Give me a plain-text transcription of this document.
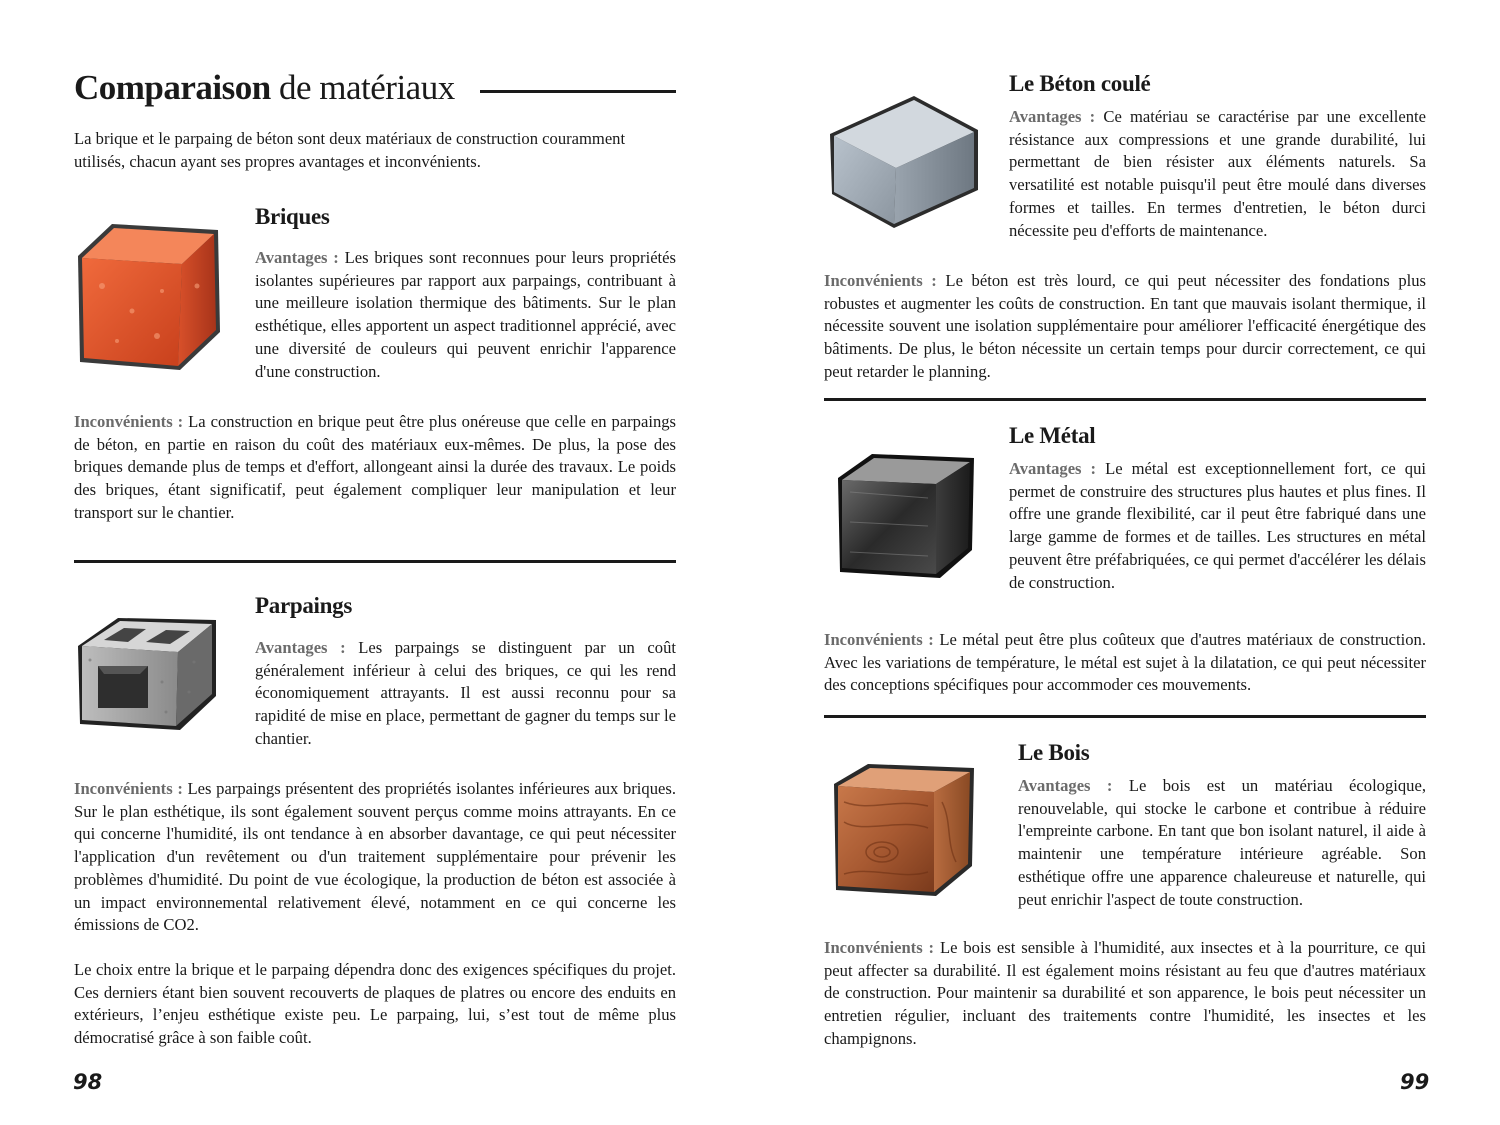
Comparaison de matériaux

La brique et le parpaing de béton sont deux matériaux de construction couramment utilisés, chacun ayant ses propres avantages et inconvénients.

Briques

Avantages : Les briques sont reconnues pour leurs propriétés isolantes supérieures par rapport aux parpaings, contribuant à une meilleure isolation thermique des bâtiments. Sur le plan esthétique, elles apportent un aspect traditionnel apprécié, avec une diversité de couleurs qui peuvent enrichir l'apparence d'une construction.

Inconvénients : La construction en brique peut être plus onéreuse que celle en parpaings de béton, en partie en raison du coût des matériaux eux-mêmes. De plus, la pose des briques demande plus de temps et d'effort, allongeant ainsi la durée des travaux. Le poids des briques, étant significatif, peut également compliquer leur manipulation et leur transport sur le chantier.

Parpaings

Avantages : Les parpaings se distinguent par un coût généralement inférieur à celui des briques, ce qui les rend économiquement attrayants. Il est aussi reconnu pour sa rapidité de mise en place, permettant de gagner du temps sur le chantier.

Inconvénients : Les parpaings présentent des propriétés isolantes inférieures aux briques. Sur le plan esthétique, ils sont également souvent perçus comme moins attrayants. En ce qui concerne l'humidité, ils ont tendance à en absorber davantage, ce qui peut nécessiter l'application d'un revêtement ou d'un traitement supplémentaire pour prévenir les problèmes d'humidité. Du point de vue écologique, la production de béton est associée à un impact environnemental relativement élevé, notamment en ce qui concerne les émissions de CO2.

Le choix entre la brique et le parpaing dépendra donc des exigences spécifiques du projet. Ces derniers étant bien souvent recouverts de plaques de platres ou encore des enduits en extérieurs, l’enjeu esthétique existe peu. Le parpaing, lui, s’est tout de même plus démocratisé grâce à son faible coût.

98
Le Béton coulé

Avantages : Ce matériau se caractérise par une excellente résistance aux compressions et une grande durabilité, lui permettant de bien résister aux éléments naturels. Sa versatilité est notable puisqu'il peut être moulé dans diverses formes et tailles. En termes d'entretien, le béton durci nécessite peu d'efforts de maintenance.

Inconvénients : Le béton est très lourd, ce qui peut nécessiter des fondations plus robustes et augmenter les coûts de construction. En tant que mauvais isolant thermique, il nécessite souvent une isolation supplémentaire pour améliorer l'efficacité énergétique des bâtiments. De plus, le béton nécessite un certain temps pour durcir correctement, ce qui peut retarder le planning.

Le Métal

Avantages : Le métal est exceptionnellement fort, ce qui permet de construire des structures plus hautes et plus fines. Il offre une grande flexibilité, car il peut être fabriqué dans une large gamme de formes et de tailles. Les structures en métal peuvent être préfabriquées, ce qui permet d'accélérer les délais de construction.

Inconvénients : Le métal peut être plus coûteux que d'autres matériaux de construction. Avec les variations de température, le métal est sujet à la dilatation, ce qui peut nécessiter des conceptions spécifiques pour accommoder ces mouvements.

Le Bois

Avantages : Le bois est un matériau écologique, renouvelable, qui stocke le carbone et contribue à réduire l'empreinte carbone. En tant que bon isolant naturel, il aide à maintenir une température intérieure agréable. Son esthétique offre une apparence chaleureuse et naturelle, qui peut enrichir l'aspect de toute construction.

Inconvénients : Le bois est sensible à l'humidité, aux insectes et à la pourriture, ce qui peut affecter sa durabilité. Il est également moins résistant au feu que d'autres matériaux de construction. Pour maintenir sa durabilité et son apparence, le bois peut nécessiter un entretien régulier, incluant des traitements contre l'humidité, les insectes et les champignons.

99
